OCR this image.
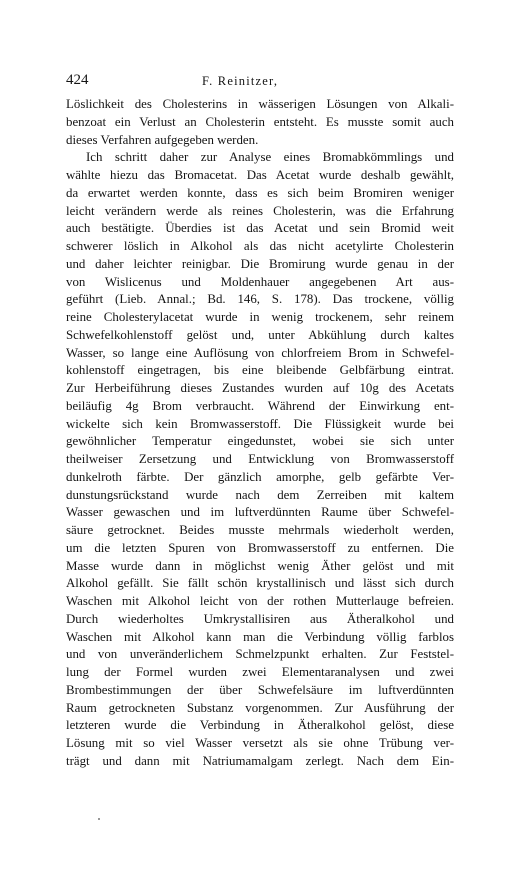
424	F. Reinitzer,
Löslichkeit des Cholesterins in wässerigen Lösungen von Alkali-
benzoat ein Verlust an Cholesterin entsteht. Es musste somit auch
dieses Verfahren aufgegeben werden.
Ich schritt daher zur Analyse eines Bromabkömmlings und
wählte hiezu das Bromacetat. Das Acetat wurde deshalb gewählt,
da erwartet werden konnte, dass es sich beim Bromiren weniger
leicht verändern werde als reines Cholesterin, was die Erfahrung
auch bestätigte. Überdies ist das Acetat und sein Bromid weit
schwerer löslich in Alkohol als das nicht acetylirte Cholesterin
und daher leichter reinigbar. Die Bromirung wurde genau in der
von Wislicenus und Moldenhauer angegebenen Art aus-
geführt (Lieb. Annal.; Bd. 146, S. 178). Das trockene, völlig
reine Cholesterylacetat wurde in wenig trockenem, sehr reinem
Schwefelkohlenstoff gelöst und, unter Abkühlung durch kaltes
Wasser, so lange eine Auflösung von chlorfreiem Brom in Schwefel-
kohlenstoff eingetragen, bis eine bleibende Gelbfärbung eintrat.
Zur Herbeiführung dieses Zustandes wurden auf 10g des Acetats
beiläufig 4g Brom verbraucht. Während der Einwirkung ent-
wickelte sich kein Bromwasserstoff. Die Flüssigkeit wurde bei
gewöhnlicher Temperatur eingedunstet, wobei sie sich unter
theilweiser Zersetzung und Entwicklung von Bromwasserstoff
dunkelroth färbte. Der gänzlich amorphe, gelb gefärbte Ver-
dunstungsrückstand wurde nach dem Zerreiben mit kaltem
Wasser gewaschen und im luftverdünnten Raume über Schwefel-
säure getrocknet. Beides musste mehrmals wiederholt werden,
um die letzten Spuren von Bromwasserstoff zu entfernen. Die
Masse wurde dann in möglichst wenig Äther gelöst und mit
Alkohol gefällt. Sie fällt schön krystallinisch und lässt sich durch
Waschen mit Alkohol leicht von der rothen Mutterlauge befreien.
Durch wiederholtes Umkrystallisiren aus Ätheralkohol und
Waschen mit Alkohol kann man die Verbindung völlig farblos
und von unveränderlichem Schmelzpunkt erhalten. Zur Feststel-
lung der Formel wurden zwei Elementaranalysen und zwei
Brombestimmungen der über Schwefelsäure im luftverdünnten
Raum getrockneten Substanz vorgenommen. Zur Ausführung der
letzteren wurde die Verbindung in Ätheralkohol gelöst, diese
Lösung mit so viel Wasser versetzt als sie ohne Trübung ver-
trägt und dann mit Natriumamalgam zerlegt. Nach dem Ein-
